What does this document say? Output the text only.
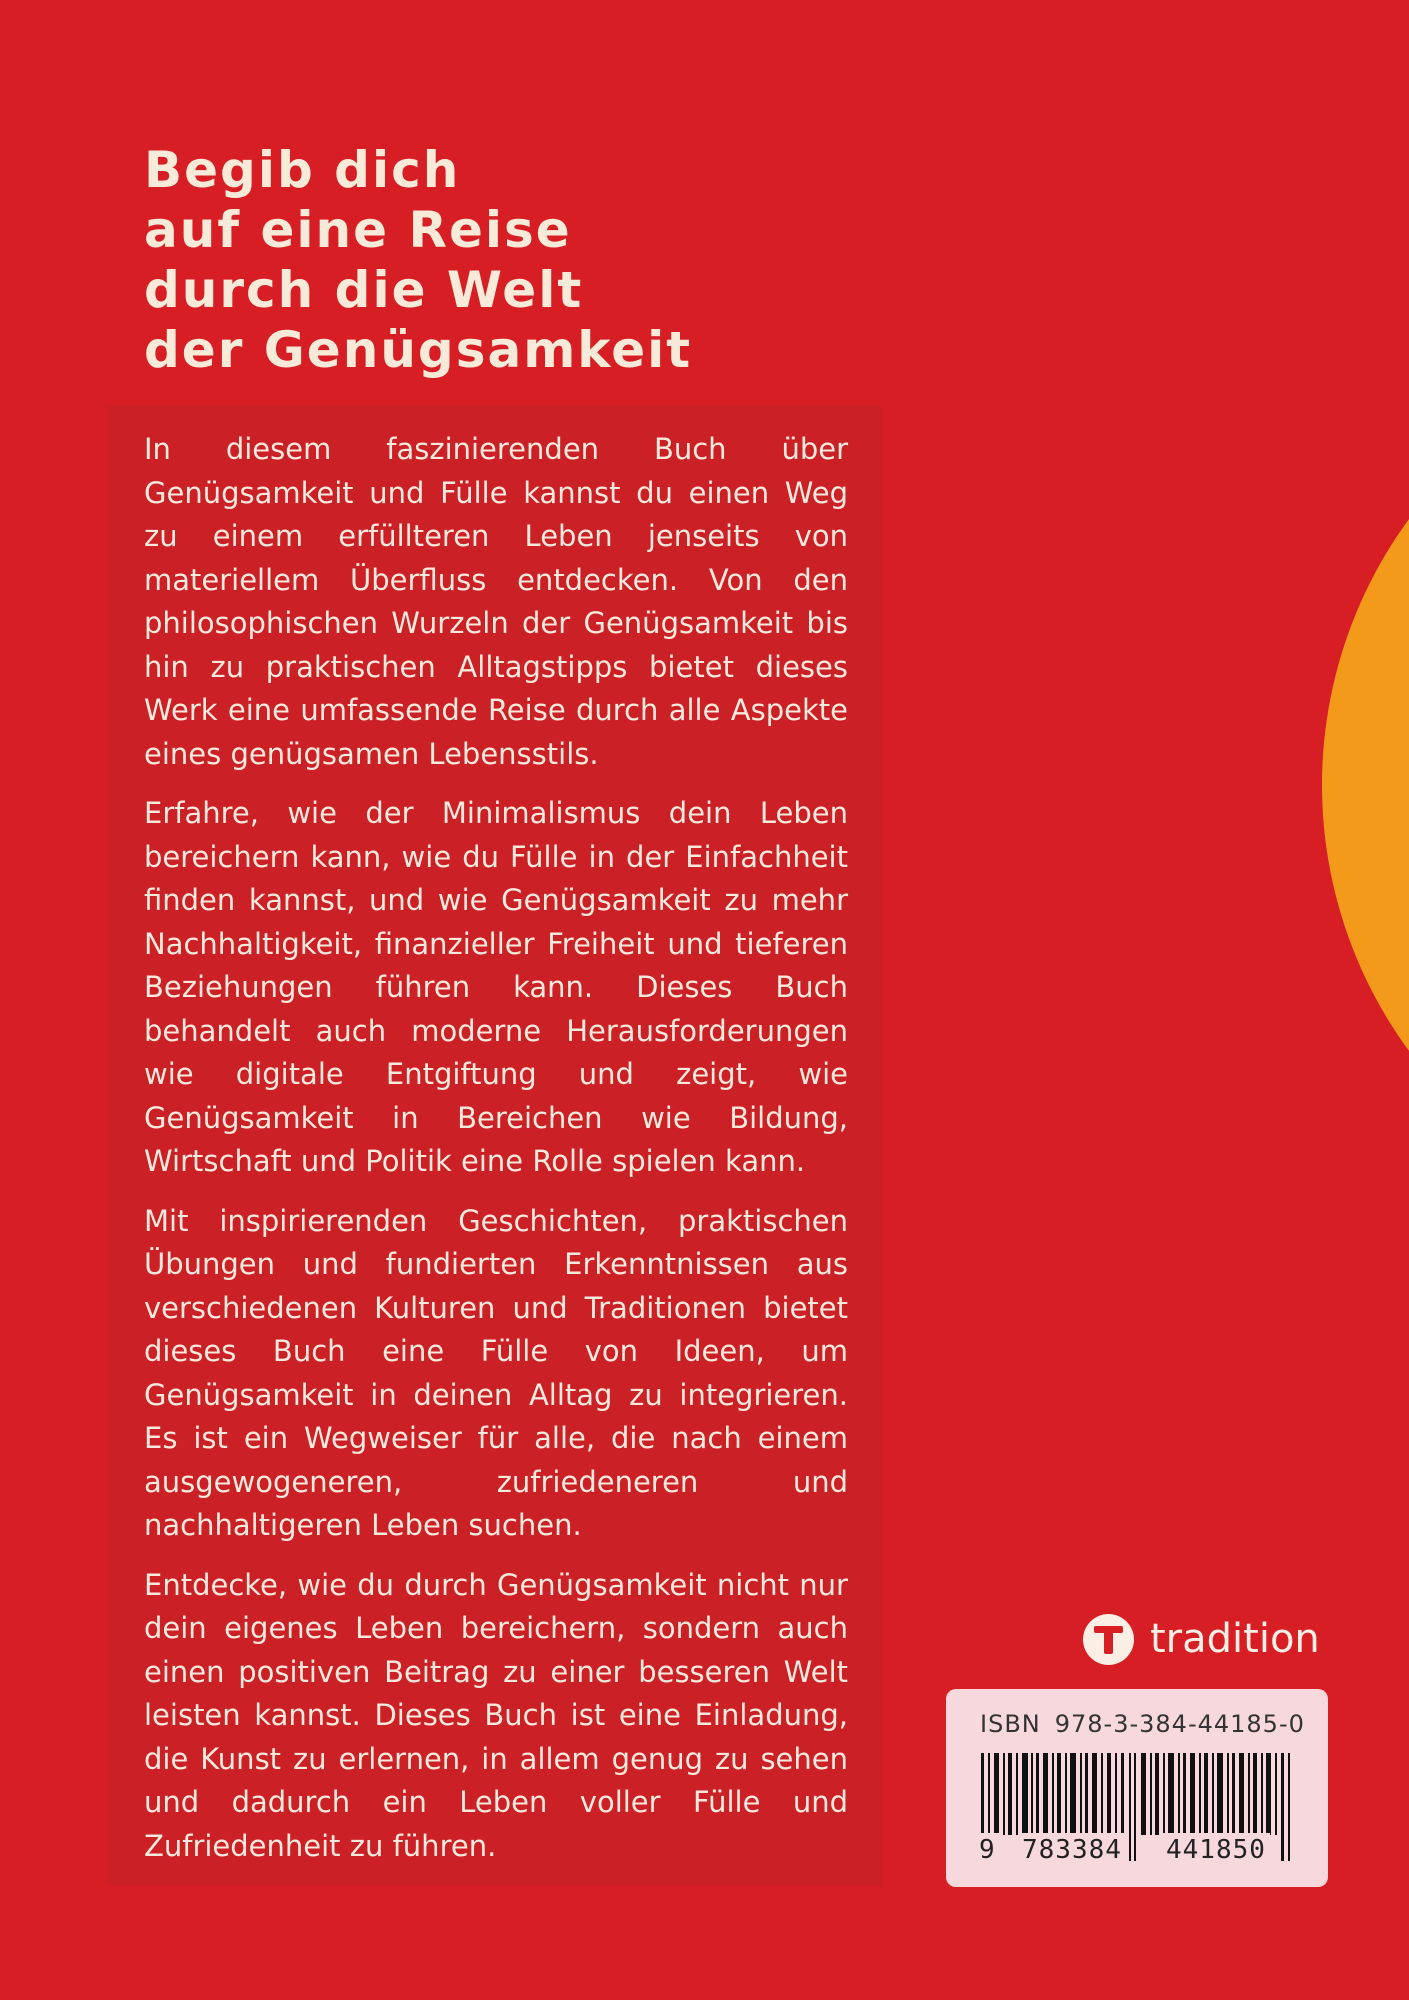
Begib dich
auf eine Reise
durch die Welt
der Genügsamkeit

In diesem faszinierenden Buch über Genügsamkeit und Fülle kannst du einen Weg zu einem erfüllteren Leben jenseits von materiellem Überfluss entdecken. Von den philosophischen Wurzeln der Genügsamkeit bis hin zu praktischen Alltagstipps bietet dieses Werk eine umfassende Reise durch alle Aspekte eines genügsamen Lebensstils.

Erfahre, wie der Minimalismus dein Leben bereichern kann, wie du Fülle in der Einfachheit finden kannst, und wie Genügsamkeit zu mehr Nachhaltigkeit, finanzieller Freiheit und tieferen Beziehungen führen kann. Dieses Buch behandelt auch moderne Herausforderungen wie digitale Entgiftung und zeigt, wie Genügsamkeit in Bereichen wie Bildung, Wirtschaft und Politik eine Rolle spielen kann.

Mit inspirierenden Geschichten, praktischen Übungen und fundierten Erkenntnissen aus verschiedenen Kulturen und Traditionen bietet dieses Buch eine Fülle von Ideen, um Genügsamkeit in deinen Alltag zu integrieren. Es ist ein Wegweiser für alle, die nach einem ausgewogeneren, zufriedeneren und nachhaltigeren Leben suchen.

Entdecke, wie du durch Genügsamkeit nicht nur dein eigenes Leben bereichern, sondern auch einen positiven Beitrag zu einer besseren Welt leisten kannst. Dieses Buch ist eine Einladung, die Kunst zu erlernen, in allem genug zu sehen und dadurch ein Leben voller Fülle und Zufriedenheit zu führen.

tradition
ISBN 978-3-384-44185-0
9 783384 441850
